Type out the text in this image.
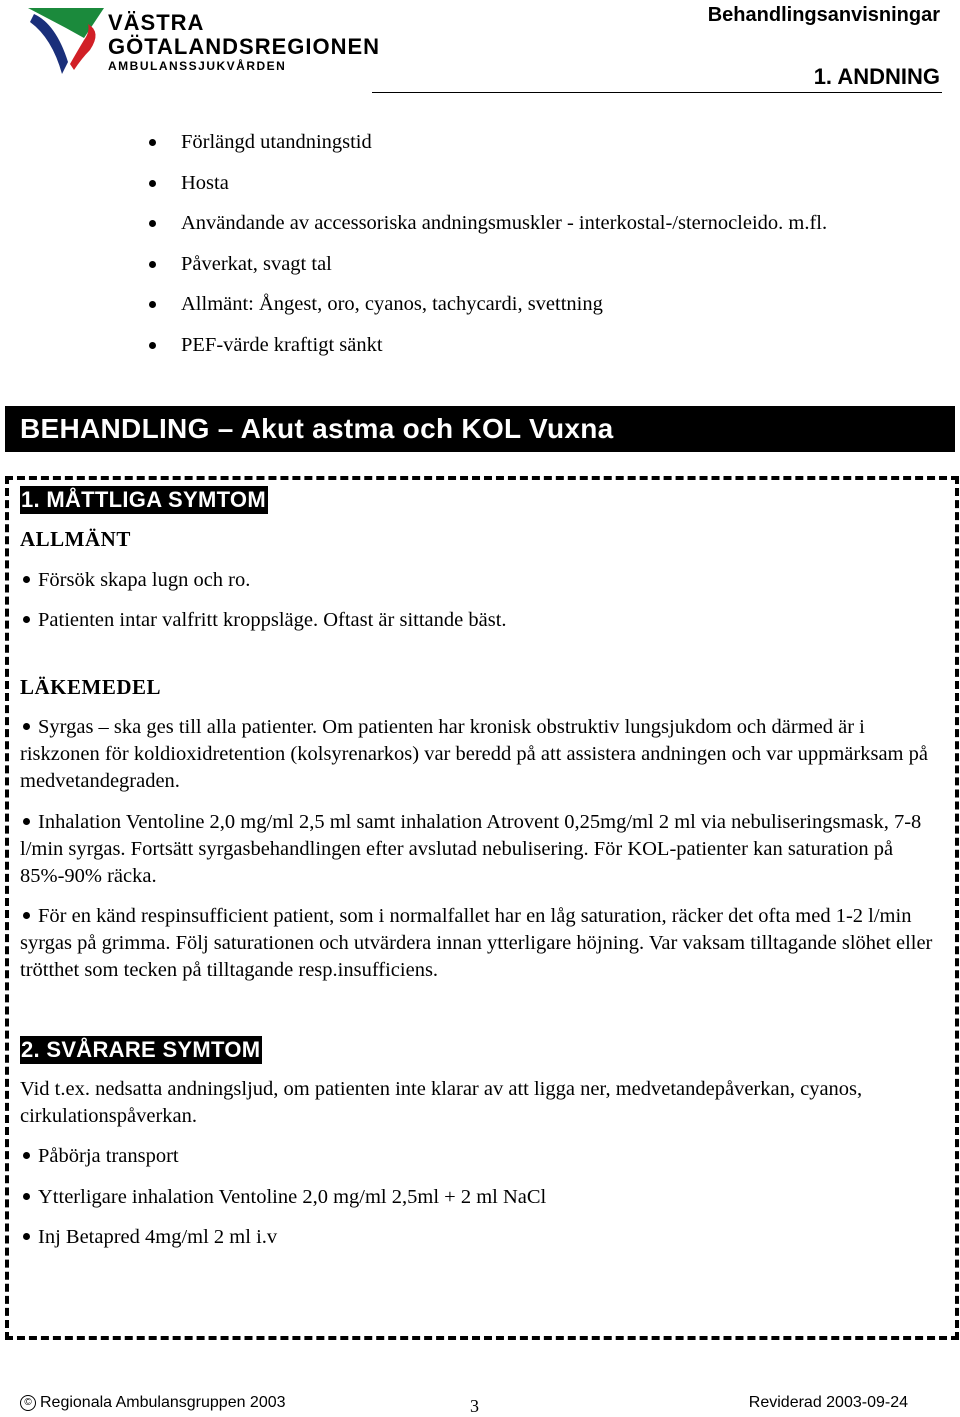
VÄSTRA
GÖTALANDSREGIONEN
AMBULANSSJUKVÅRDEN
Behandlingsanvisningar
1. ANDNING
Förlängd utandningstid
Hosta
Användande av accessoriska andningsmuskler - interkostal-/sternocleido. m.fl.
Påverkat, svagt tal
Allmänt: Ångest, oro, cyanos, tachycardi, svettning
PEF-värde kraftigt sänkt
BEHANDLING – Akut astma och KOL Vuxna
1. MÅTTLIGA SYMTOM
ALLMÄNT
Försök skapa lugn och ro.
Patienten intar valfritt kroppsläge. Oftast är sittande bäst.
LÄKEMEDEL
Syrgas – ska ges till alla patienter. Om patienten har kronisk obstruktiv lungsjukdom och därmed är i riskzonen för koldioxidretention (kolsyrenarkos) var beredd på att assistera andningen och var uppmärksam på medvetandegraden.
Inhalation Ventoline 2,0 mg/ml 2,5 ml samt inhalation Atrovent 0,25mg/ml 2 ml via nebuliseringsmask, 7-8 l/min syrgas. Fortsätt syrgasbehandlingen efter avslutad nebulisering. För KOL-patienter kan saturation på 85%-90% räcka.
För en känd respinsufficient patient, som i normalfallet har en låg saturation, räcker det ofta med 1-2 l/min syrgas på grimma. Följ saturationen och utvärdera innan ytterligare höjning. Var vaksam tilltagande slöhet eller trötthet som tecken på tilltagande resp.insufficiens.
2. SVÅRARE SYMTOM
Vid t.ex. nedsatta andningsljud, om patienten inte klarar av att ligga ner, medvetandepåverkan, cyanos, cirkulationspåverkan.
Påbörja transport
Ytterligare inhalation Ventoline 2,0 mg/ml 2,5ml + 2 ml NaCl
Inj Betapred 4mg/ml 2 ml i.v
© Regionala Ambulansgruppen 2003	3	Reviderad 2003-09-24
